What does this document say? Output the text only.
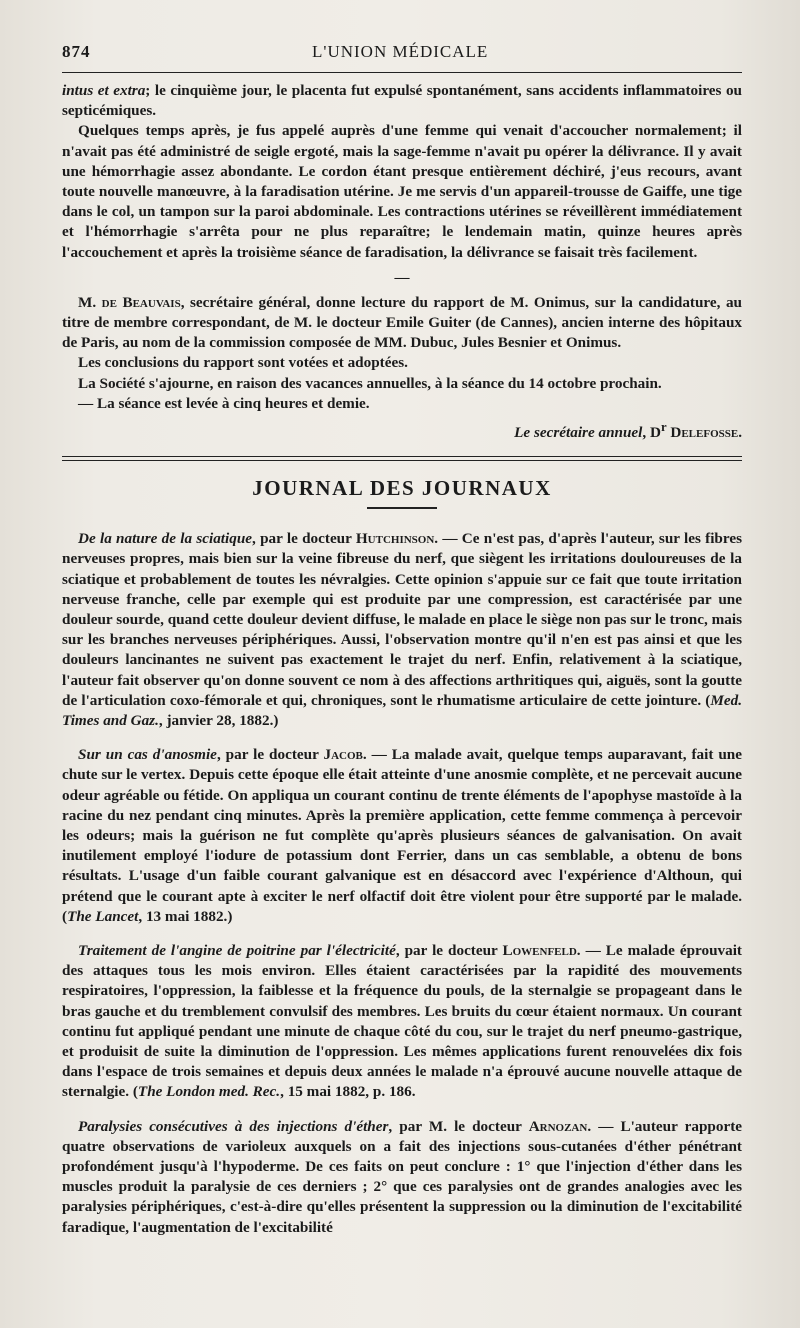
874	L'UNION MÉDICALE

intus et extra; le cinquième jour, le placenta fut expulsé spontanément, sans accidents inflammatoires ou septicémiques.

Quelques temps après, je fus appelé auprès d'une femme qui venait d'accoucher normalement; il n'avait pas été administré de seigle ergoté, mais la sage-femme n'avait pu opérer la délivrance. Il y avait une hémorrhagie assez abondante. Le cordon étant presque entièrement déchiré, j'eus recours, avant toute nouvelle manœuvre, à la faradisation utérine. Je me servis d'un appareil-trousse de Gaiffe, une tige dans le col, un tampon sur la paroi abdominale. Les contractions utérines se réveillèrent immédiatement et l'hémorrhagie s'arrêta pour ne plus reparaître; le lendemain matin, quinze heures après l'accouchement et après la troisième séance de faradisation, la délivrance se faisait très facilement.

—

M. de Beauvais, secrétaire général, donne lecture du rapport de M. Onimus, sur la candidature, au titre de membre correspondant, de M. le docteur Emile Guiter (de Cannes), ancien interne des hôpitaux de Paris, au nom de la commission composée de MM. Dubuc, Jules Besnier et Onimus.

Les conclusions du rapport sont votées et adoptées.

La Société s'ajourne, en raison des vacances annuelles, à la séance du 14 octobre prochain.

— La séance est levée à cinq heures et demie.

Le secrétaire annuel, $D^r$ Delefosse.
JOURNAL DES JOURNAUX

De la nature de la sciatique, par le docteur Hutchinson. — Ce n'est pas, d'après l'auteur, sur les fibres nerveuses propres, mais bien sur la veine fibreuse du nerf, que siègent les irritations douloureuses de la sciatique et probablement de toutes les névralgies. Cette opinion s'appuie sur ce fait que toute irritation nerveuse franche, celle par exemple qui est produite par une compression, est caractérisée par une douleur sourde, quand cette douleur devient diffuse, le malade en place le siège non pas sur le tronc, mais sur les branches nerveuses périphériques. Aussi, l'observation montre qu'il n'en est pas ainsi et que les douleurs lancinantes ne suivent pas exactement le trajet du nerf. Enfin, relativement à la sciatique, l'auteur fait observer qu'on donne souvent ce nom à des affections arthritiques qui, aiguës, sont la goutte de l'articulation coxo-fémorale et qui, chroniques, sont le rhumatisme articulaire de cette jointure. (Med. Times and Gaz., janvier 28, 1882.)

Sur un cas d'anosmie, par le docteur Jacob. — La malade avait, quelque temps auparavant, fait une chute sur le vertex. Depuis cette époque elle était atteinte d'une anosmie complète, et ne percevait aucune odeur agréable ou fétide. On appliqua un courant continu de trente éléments de l'apophyse mastoïde à la racine du nez pendant cinq minutes. Après la première application, cette femme commença à percevoir les odeurs; mais la guérison ne fut complète qu'après plusieurs séances de galvanisation. On avait inutilement employé l'iodure de potassium dont Ferrier, dans un cas semblable, a obtenu de bons résultats. L'usage d'un faible courant galvanique est en désaccord avec l'expérience d'Althoun, qui prétend que le courant apte à exciter le nerf olfactif doit être violent pour être supporté par le malade. (The Lancet, 13 mai 1882.)

Traitement de l'angine de poitrine par l'électricité, par le docteur Lowenfeld. — Le malade éprouvait des attaques tous les mois environ. Elles étaient caractérisées par la rapidité des mouvements respiratoires, l'oppression, la faiblesse et la fréquence du pouls, de la sternalgie se propageant dans le bras gauche et du tremblement convulsif des membres. Les bruits du cœur étaient normaux. Un courant continu fut appliqué pendant une minute de chaque côté du cou, sur le trajet du nerf pneumo-gastrique, et produisit de suite la diminution de l'oppression. Les mêmes applications furent renouvelées dix fois dans l'espace de trois semaines et depuis deux années le malade n'a éprouvé aucune nouvelle attaque de sternalgie. (The London med. Rec., 15 mai 1882, p. 186.

Paralysies consécutives à des injections d'éther, par M. le docteur Arnozan. — L'auteur rapporte quatre observations de varioleux auxquels on a fait des injections sous-cutanées d'éther pénétrant profondément jusqu'à l'hypoderme. De ces faits on peut conclure : 1° que l'injection d'éther dans les muscles produit la paralysie de ces derniers ; 2° que ces paralysies ont de grandes analogies avec les paralysies périphériques, c'est-à-dire qu'elles présentent la suppression ou la diminution de l'excitabilité faradique, l'augmentation de l'excitabilité
